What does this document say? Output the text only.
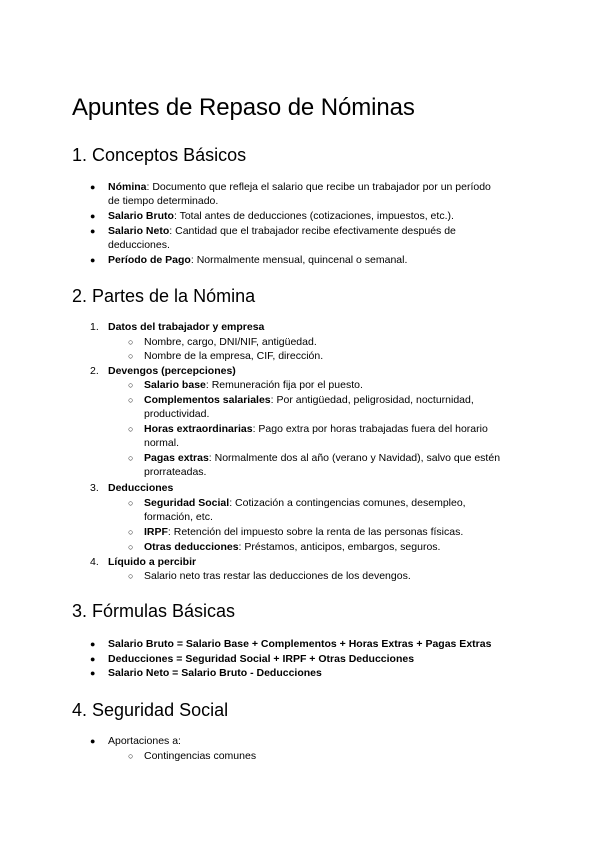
Apuntes de Repaso de Nóminas
1. Conceptos Básicos
● Nómina: Documento que refleja el salario que recibe un trabajador por un período
de tiempo determinado.
● Salario Bruto: Total antes de deducciones (cotizaciones, impuestos, etc.).
● Salario Neto: Cantidad que el trabajador recibe efectivamente después de
deducciones.
● Período de Pago: Normalmente mensual, quincenal o semanal.
2. Partes de la Nómina
1. Datos del trabajador y empresa
○ Nombre, cargo, DNI/NIF, antigüedad.
○ Nombre de la empresa, CIF, dirección.
2. Devengos (percepciones)
○ Salario base: Remuneración fija por el puesto.
○ Complementos salariales: Por antigüedad, peligrosidad, nocturnidad,
productividad.
○ Horas extraordinarias: Pago extra por horas trabajadas fuera del horario
normal.
○ Pagas extras: Normalmente dos al año (verano y Navidad), salvo que estén
prorrateadas.
3. Deducciones
○ Seguridad Social: Cotización a contingencias comunes, desempleo,
formación, etc.
○ IRPF: Retención del impuesto sobre la renta de las personas físicas.
○ Otras deducciones: Préstamos, anticipos, embargos, seguros.
4. Líquido a percibir
○ Salario neto tras restar las deducciones de los devengos.
3. Fórmulas Básicas
● Salario Bruto = Salario Base + Complementos + Horas Extras + Pagas Extras
● Deducciones = Seguridad Social + IRPF + Otras Deducciones
● Salario Neto = Salario Bruto - Deducciones
4. Seguridad Social
● Aportaciones a:
○ Contingencias comunes
